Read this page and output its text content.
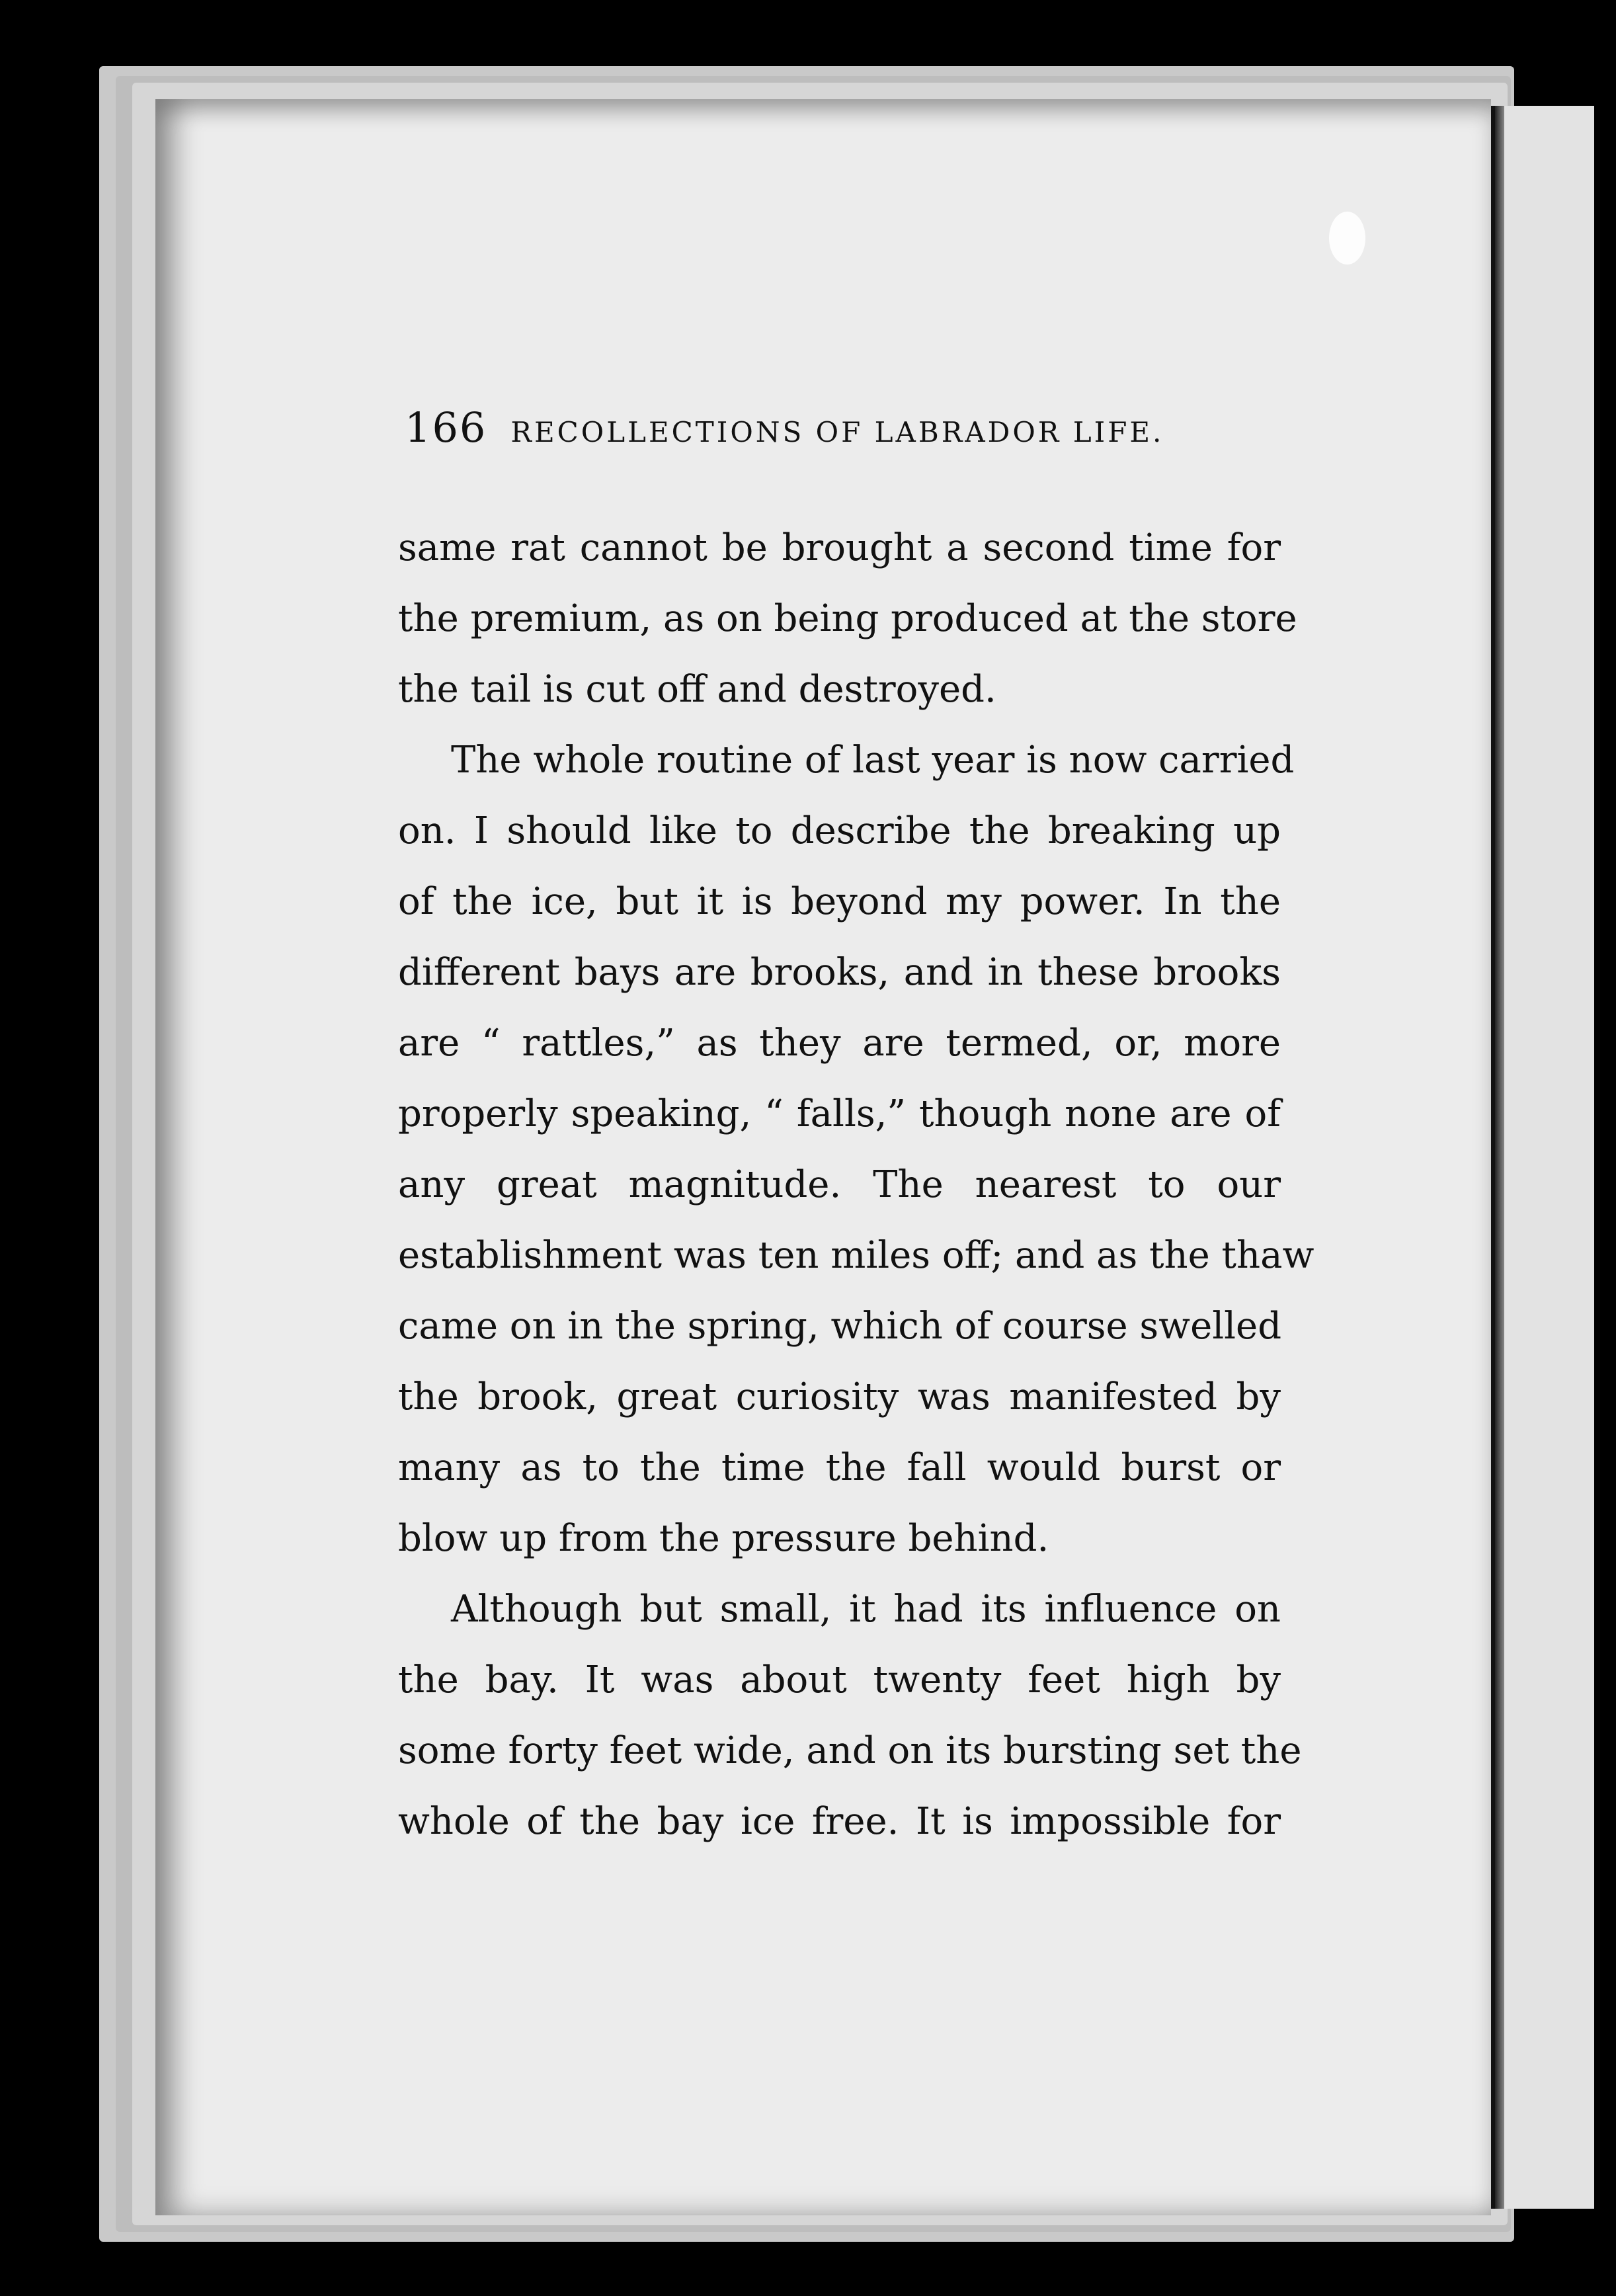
166 RECOLLECTIONS OF LABRADOR LIFE.
same rat cannot be brought a second time for
the premium, as on being produced at the store
the tail is cut off and destroyed.
The whole routine of last year is now carried
on. I should like to describe the breaking up
of the ice, but it is beyond my power. In the
different bays are brooks, and in these brooks
are “ rattles,” as they are termed, or, more
properly speaking, “ falls,” though none are of
any great magnitude. The nearest to our
establishment was ten miles off; and as the thaw
came on in the spring, which of course swelled
the brook, great curiosity was manifested by
many as to the time the fall would burst or
blow up from the pressure behind.
Although but small, it had its influence on
the bay. It was about twenty feet high by
some forty feet wide, and on its bursting set the
whole of the bay ice free. It is impossible for
